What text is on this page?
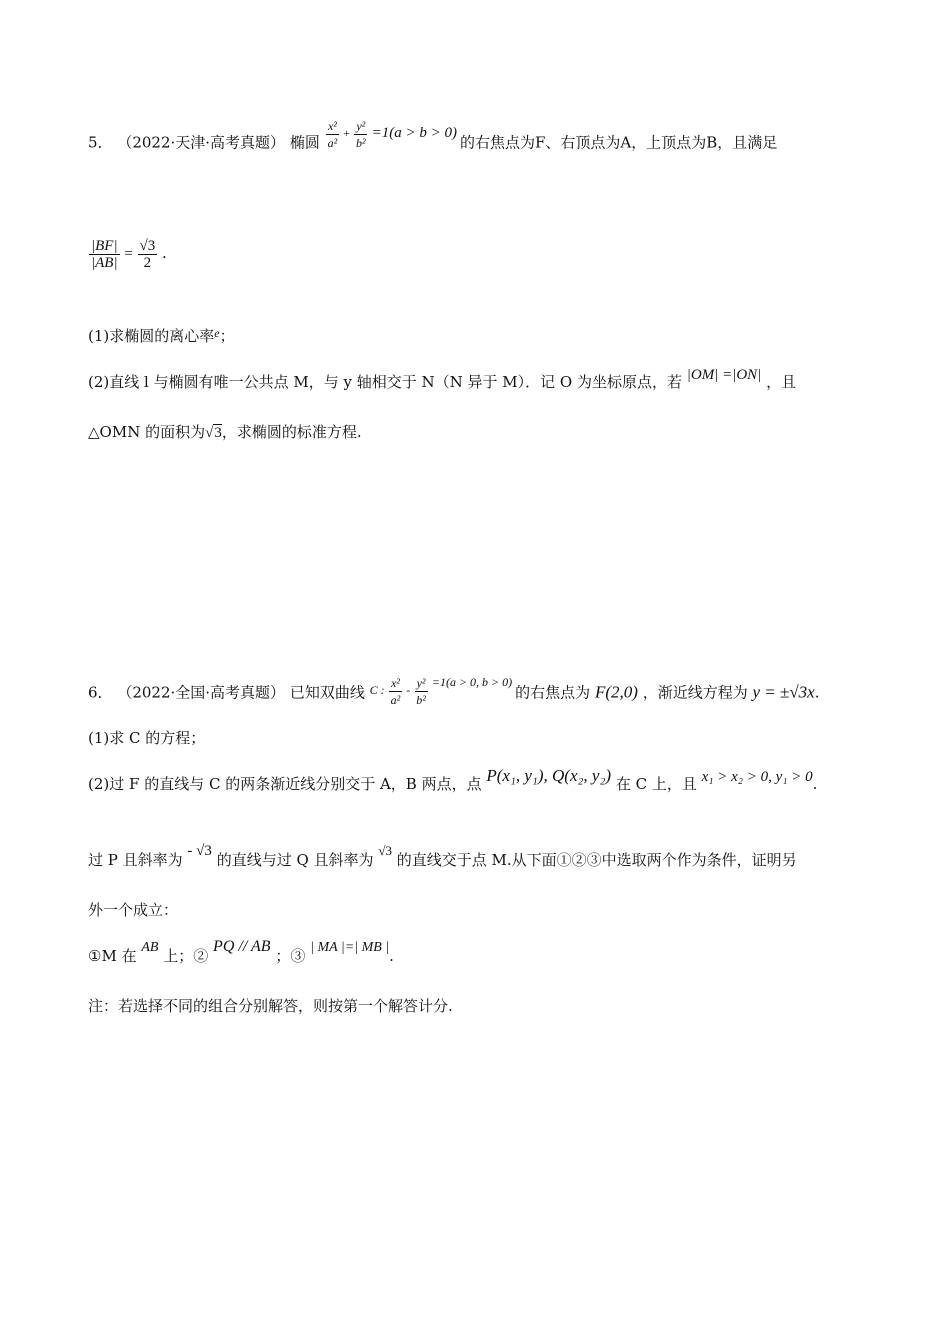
5． （2022·天津·高考真题） 椭圆 $^{\frac{\text{x²}}{\text{a²}} + \frac{\text{y²}}{\text{b²}} =1(a > b > 0)}$ 的右焦点为F、右顶点为A，上顶点为B，且满足
$\frac{|BF|}{|AB|} = \frac{√3}{2}$ .
(1)求椭圆的离心率$^e$；
(2)直线 l 与椭圆有唯一公共点 M，与 y 轴相交于 N（N 异于 M）．记 O 为坐标原点，若 |OM| =|ON| ，且
△OMN 的面积为√3，求椭圆的标准方程.
6． （2022·全国·高考真题） 已知双曲线 $^{C : \frac{\text{x²}}{\text{a²}} - \frac{\text{y²}}{\text{b²}} =1(a > 0, b > 0)}$ 的右焦点为 F(2,0) ，渐近线方程为 y = ±√3x.
(1)求 C 的方程；
(2)过 F 的直线与 C 的两条渐近线分别交于 A，B 两点，点 P(x₁, y₁), Q(x₂, y₂) 在 C 上，且 x₁ > x₂ > 0, y₁ > 0.
过 P 且斜率为 - √3 的直线与过 Q 且斜率为 √3 的直线交于点 M.从下面①②③中选取两个作为条件，证明另
外一个成立：
①M 在 AB 上；② PQ // AB ；③ | MA |=| MB |.
注：若选择不同的组合分别解答，则按第一个解答计分.
